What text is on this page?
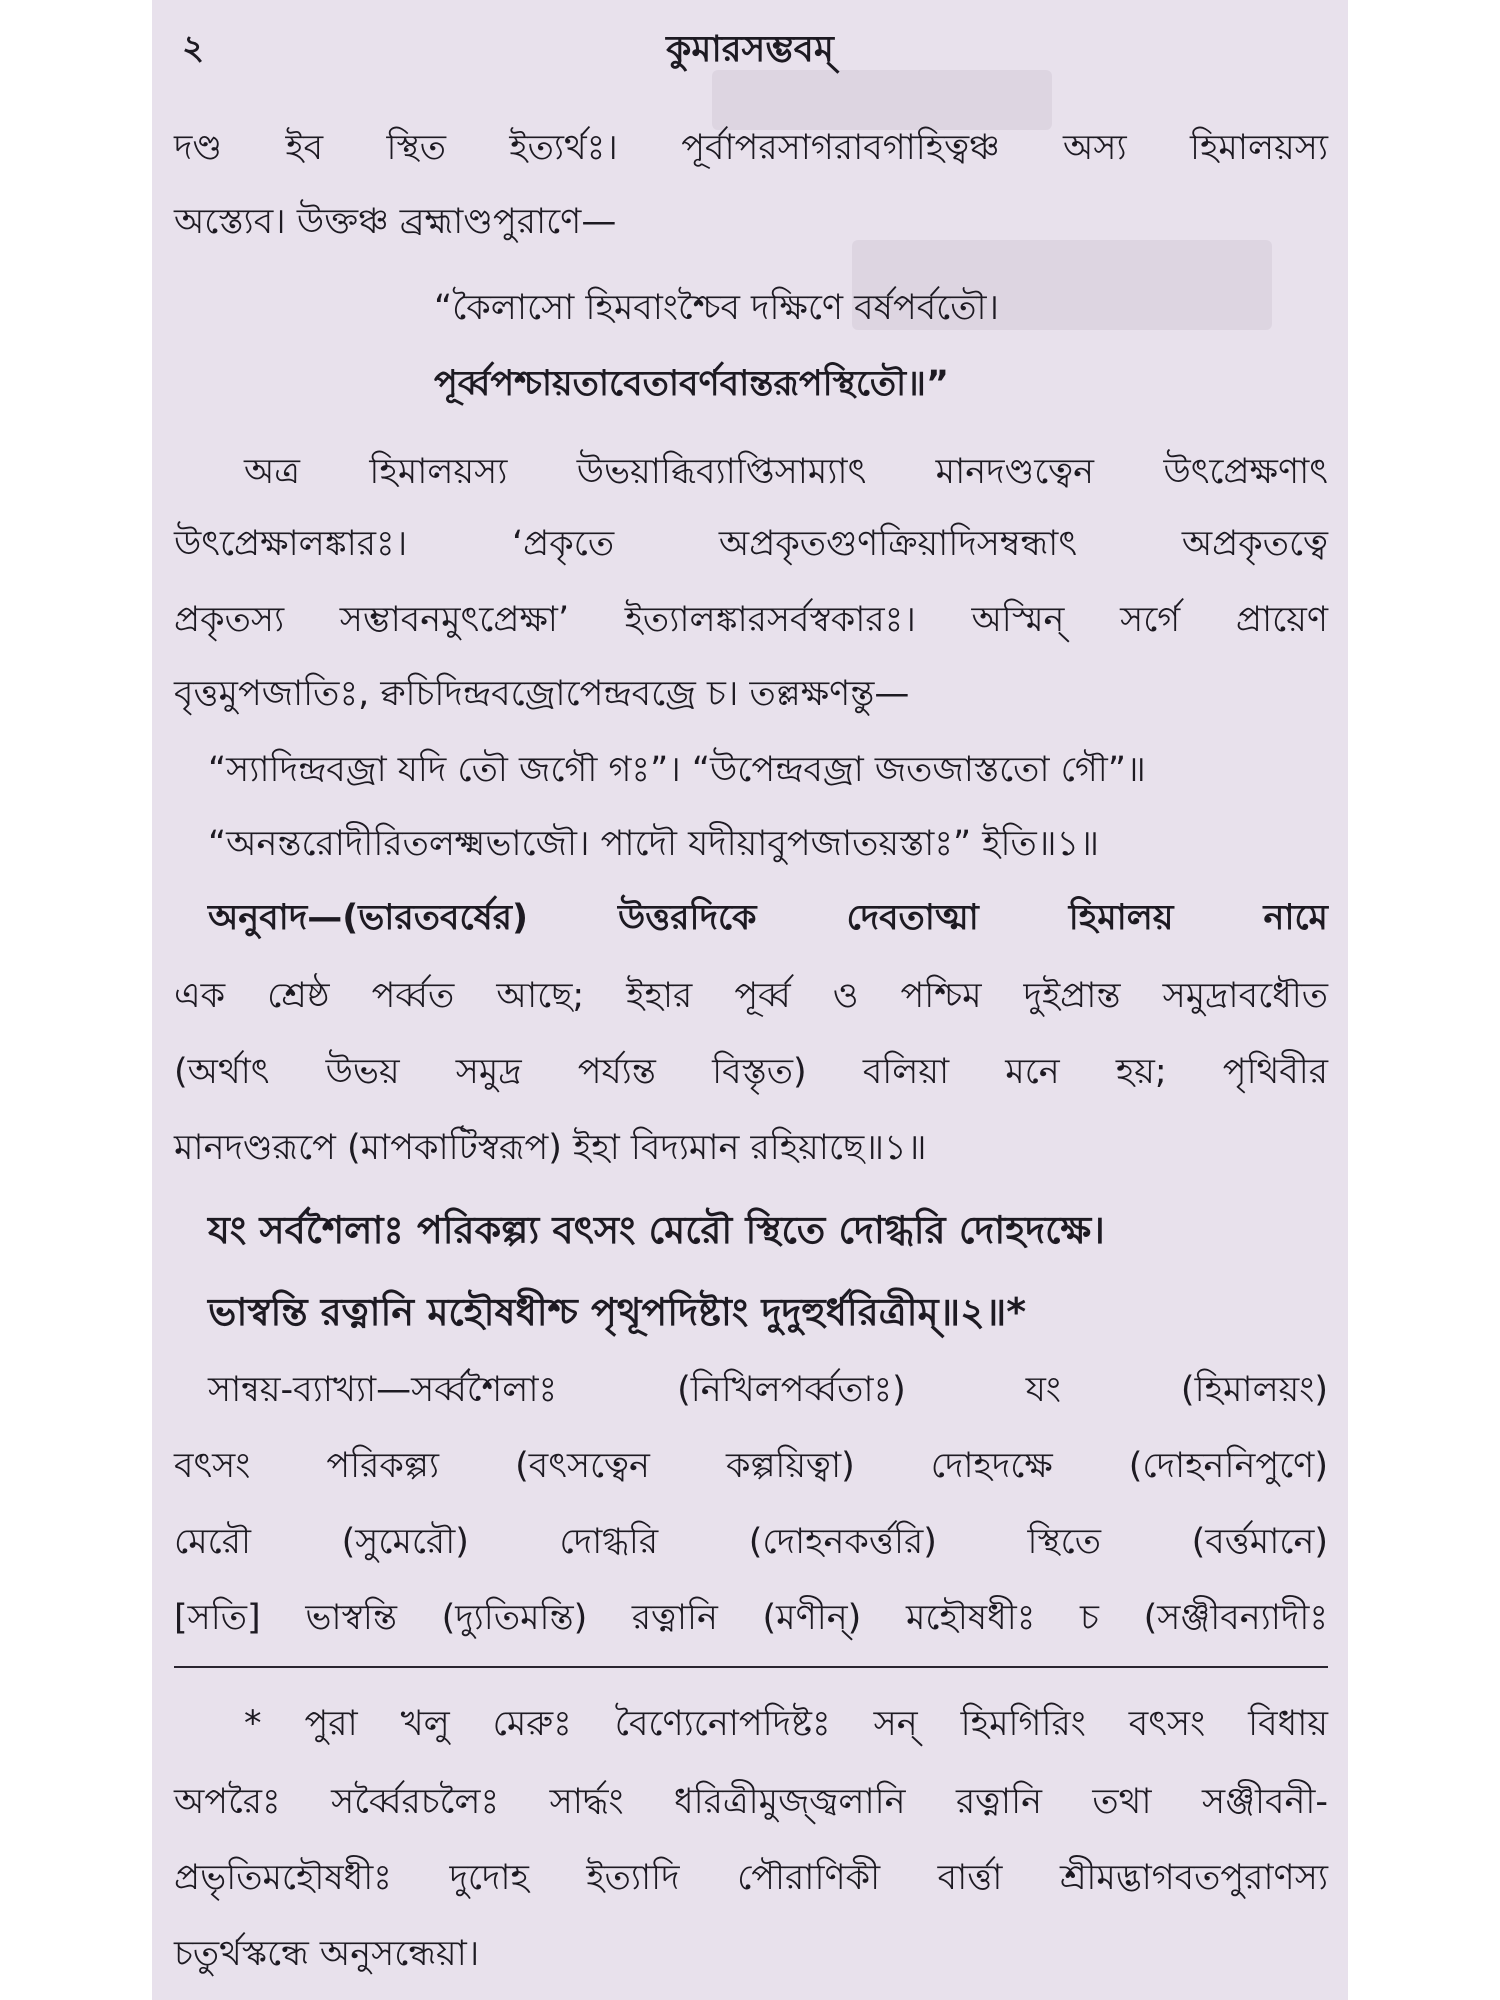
২	কুমারসম্ভবম্
দণ্ড ইব স্থিত ইত্যর্থঃ। পূর্বাপরসাগরাবগাহিত্বঞ্চ অস্য হিমালয়স্য
অস্ত্যেব। উক্তঞ্চ ব্রহ্মাণ্ডপুরাণে—
“কৈলাসো হিমবাংশ্চৈব দক্ষিণে বর্ষপর্বতৌ।
পূর্ব্বপশ্চায়তাবেতাবর্ণবান্তরূপস্থিতৌ॥”
অত্র হিমালয়স্য উভয়াব্ধিব্যাপ্তিসাম্যাৎ মানদণ্ডত্বেন উৎপ্রেক্ষণাৎ
উৎপ্রেক্ষালঙ্কারঃ। ‘প্রকৃতে অপ্রকৃতগুণক্রিয়াদিসম্বন্ধাৎ অপ্রকৃতত্বে
প্রকৃতস্য সম্ভাবনমুৎপ্রেক্ষা’ ইত্যালঙ্কারসর্বস্বকারঃ। অস্মিন্ সর্গে প্রায়েণ
বৃত্তমুপজাতিঃ, ক্বচিদিন্দ্রবজ্রোপেন্দ্রবজ্রে চ। তল্লক্ষণন্তু—
“স্যাদিন্দ্রবজ্রা যদি তৌ জগৌ গঃ”। “উপেন্দ্রবজ্রা জতজাস্ততো গৌ”॥
“অনন্তরোদীরিতলক্ষ্মভাজৌ। পাদৌ যদীয়াবুপজাতয়স্তাঃ” ইতি॥১॥
অনুবাদ—(ভারতবর্ষের) উত্তরদিকে দেবতাত্মা হিমালয় নামে
এক শ্রেষ্ঠ পর্ব্বত আছে; ইহার পূর্ব্ব ও পশ্চিম দুইপ্রান্ত সমুদ্রাবধৌত
(অর্থাৎ উভয় সমুদ্র পর্য্যন্ত বিস্তৃত) বলিয়া মনে হয়; পৃথিবীর
মানদণ্ডরূপে (মাপকাটিস্বরূপ) ইহা বিদ্যমান রহিয়াছে॥১॥
যং সর্বশৈলাঃ পরিকল্প্য বৎসং মেরৌ স্থিতে দোগ্ধরি দোহদক্ষে।
ভাস্বন্তি রত্নানি মহৌষধীশ্চ পৃথূপদিষ্টাং দুদুহুর্ধরিত্রীম্॥২॥*
সান্বয়-ব্যাখ্যা—সর্ব্বশৈলাঃ (নিখিলপর্ব্বতাঃ) যং (হিমালয়ং)
বৎসং পরিকল্প্য (বৎসত্বেন কল্পয়িত্বা) দোহদক্ষে (দোহননিপুণে)
মেরৌ (সুমেরৌ) দোগ্ধরি (দোহনকর্ত্তরি) স্থিতে (বর্ত্তমানে)
[সতি] ভাস্বন্তি (দ্যুতিমন্তি) রত্নানি (মণীন্) মহৌষধীঃ চ (সঞ্জীবন্যাদীঃ
* পুরা খলু মেরুঃ বৈণ্যেনোপদিষ্টঃ সন্ হিমগিরিং বৎসং বিধায়
অপরৈঃ সর্ব্বৈরচলৈঃ সার্দ্ধং ধরিত্রীমুজ্জ্বলানি রত্নানি তথা সঞ্জীবনী-
প্রভৃতিমহৌষধীঃ দুদোহ ইত্যাদি পৌরাণিকী বার্ত্তা শ্রীমদ্ভাগবতপুরাণস্য
চতুর্থস্কন্ধে অনুসন্ধেয়া।
